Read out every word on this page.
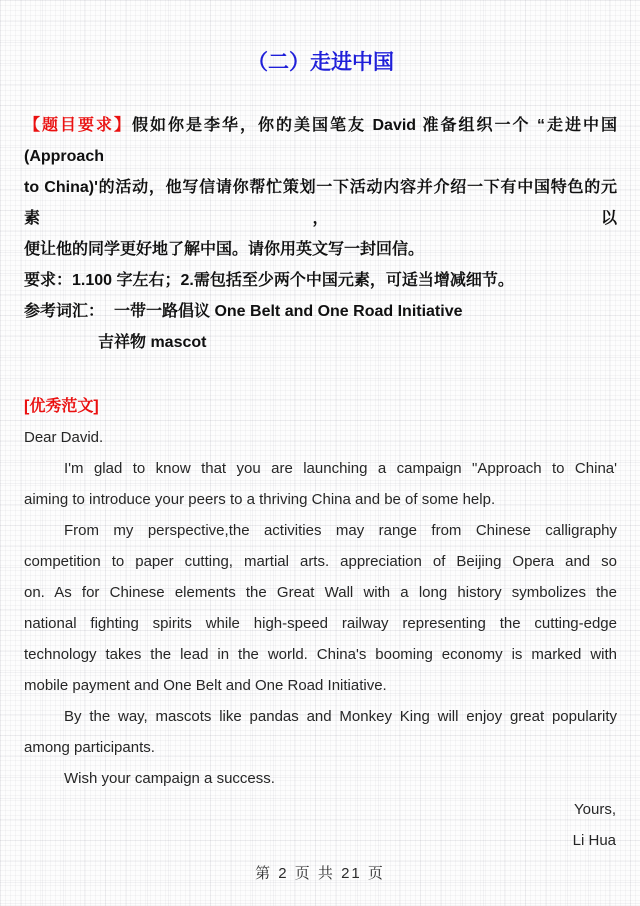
（二）走进中国
【题目要求】假如你是李华，你的美国笔友 David 准备组织一个 “走进中国(Approach
to China)'的活动，他写信请你帮忙策划一下活动内容并介绍一下有中国特色的元素，以
便让他的同学更好地了解中国。请你用英文写一封回信。
要求：1.100 字左右；2.需包括至少两个中国元素，可适当增减细节。
参考词汇： 一带一路倡议 One Belt and One Road Initiative
吉祥物 mascot
[优秀范文]
Dear David.
I'm glad to know that you are launching a campaign "Approach to China'
aiming to introduce your peers to a thriving China and be of some help.
From my perspective,the activities may range from Chinese calligraphy
competition to paper cutting, martial arts. appreciation of Beijing Opera and so
on. As for Chinese elements the Great Wall with a long history symbolizes the
national fighting spirits while high-speed railway representing the cutting-edge
technology takes the lead in the world. China's booming economy is marked with
mobile payment and One Belt and One Road Initiative.
By the way, mascots like pandas and Monkey King will enjoy great popularity
among participants.
Wish your campaign a success.
Yours,
Li Hua
第 2 页 共 21 页
